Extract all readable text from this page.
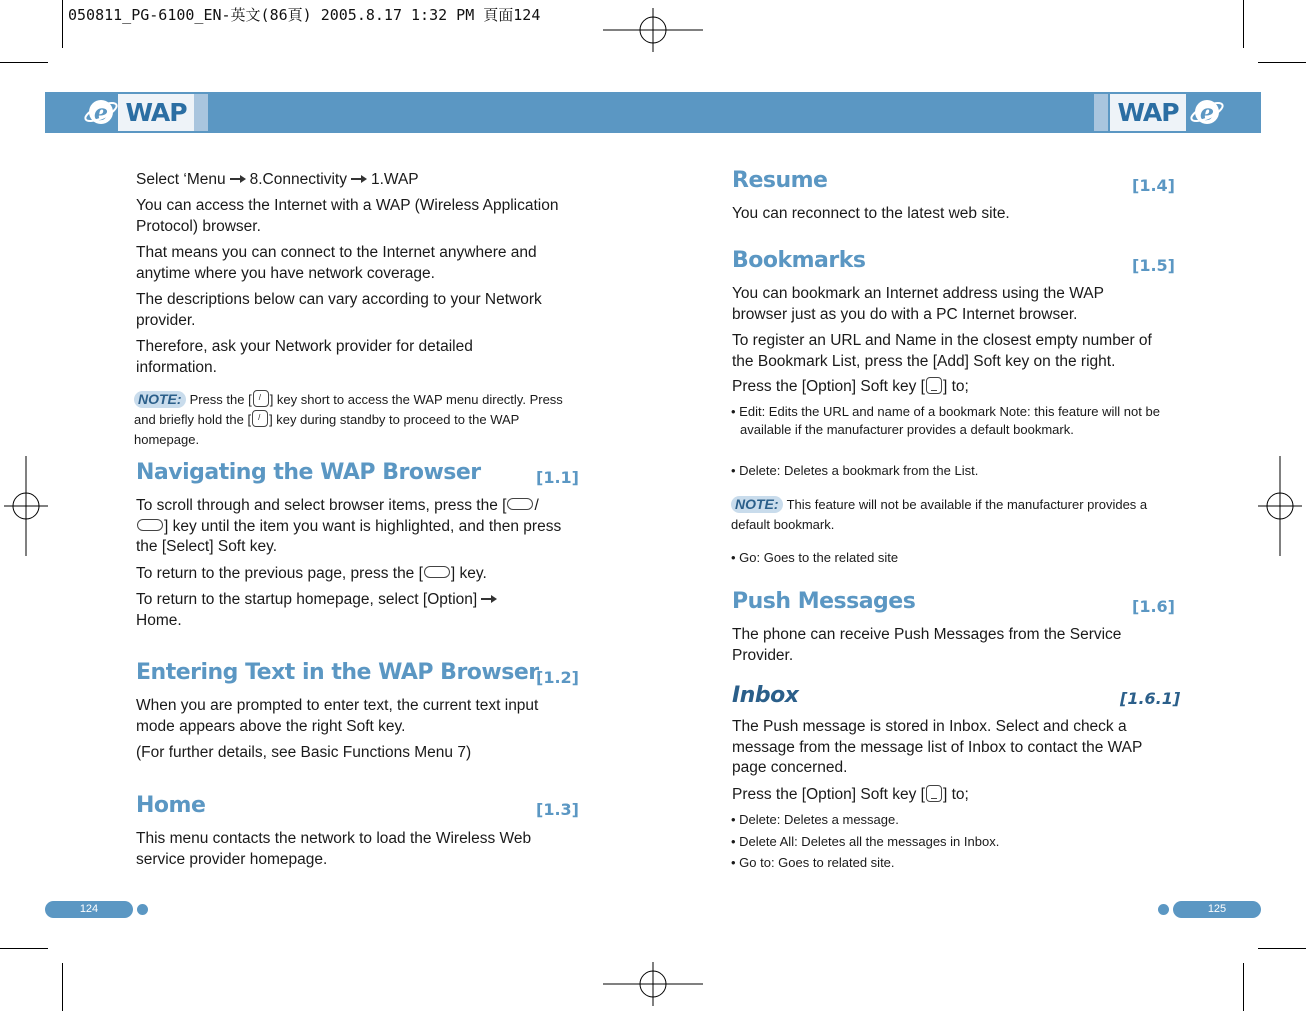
050811_PG-6100_EN-英文(86頁) 2005.8.17 1:32 PM 頁面124
e WAP	WAP e
Select ‘Menu 8.Connectivity 1.WAP
You can access the Internet with a WAP (Wireless Application Protocol) browser.
That means you can connect to the Internet anywhere and anytime where you have network coverage.
The descriptions below can vary according to your Network provider.
Therefore, ask your Network provider for detailed information.
NOTE: Press the [ / ] key short to access the WAP menu directly. Press and briefly hold the [ / ] key during standby to proceed to the WAP homepage.
Navigating the WAP Browser	[1.1]
To scroll through and select browser items, press the [ /] key until the item you want is highlighted, and then press the [Select] Soft key.
To return to the previous page, press the [ ] key.
To return to the startup homepage, select [Option]
Home.
Entering Text in the WAP Browser
[1.2]
When you are prompted to enter text, the current text input mode appears above the right Soft key.
(For further details, see Basic Functions Menu 7)
Home	[1.3]
This menu contacts the network to load the Wireless Web service provider homepage.
124
Resume	[1.4]
You can reconnect to the latest web site.
Bookmarks	[1.5]
You can bookmark an Internet address using the WAP browser just as you do with a PC Internet browser.
To register an URL and Name in the closest empty number of the Bookmark List, press the [Add] Soft key on the right.
Press the [Option] Soft key [ ] to;
• Edit: Edits the URL and name of a bookmark Note: this feature will not be available if the manufacturer provides a default bookmark.
• Delete: Deletes a bookmark from the List.
NOTE: This feature will not be available if the manufacturer provides a default bookmark.
• Go: Goes to the related site
Push Messages	[1.6]
The phone can receive Push Messages from the Service Provider.
Inbox	[1.6.1]
The Push message is stored in Inbox. Select and check a message from the message list of Inbox to contact the WAP page concerned.
Press the [Option] Soft key [ ] to;
• Delete: Deletes a message.
• Delete All: Deletes all the messages in Inbox.
• Go to: Goes to related site.
125
